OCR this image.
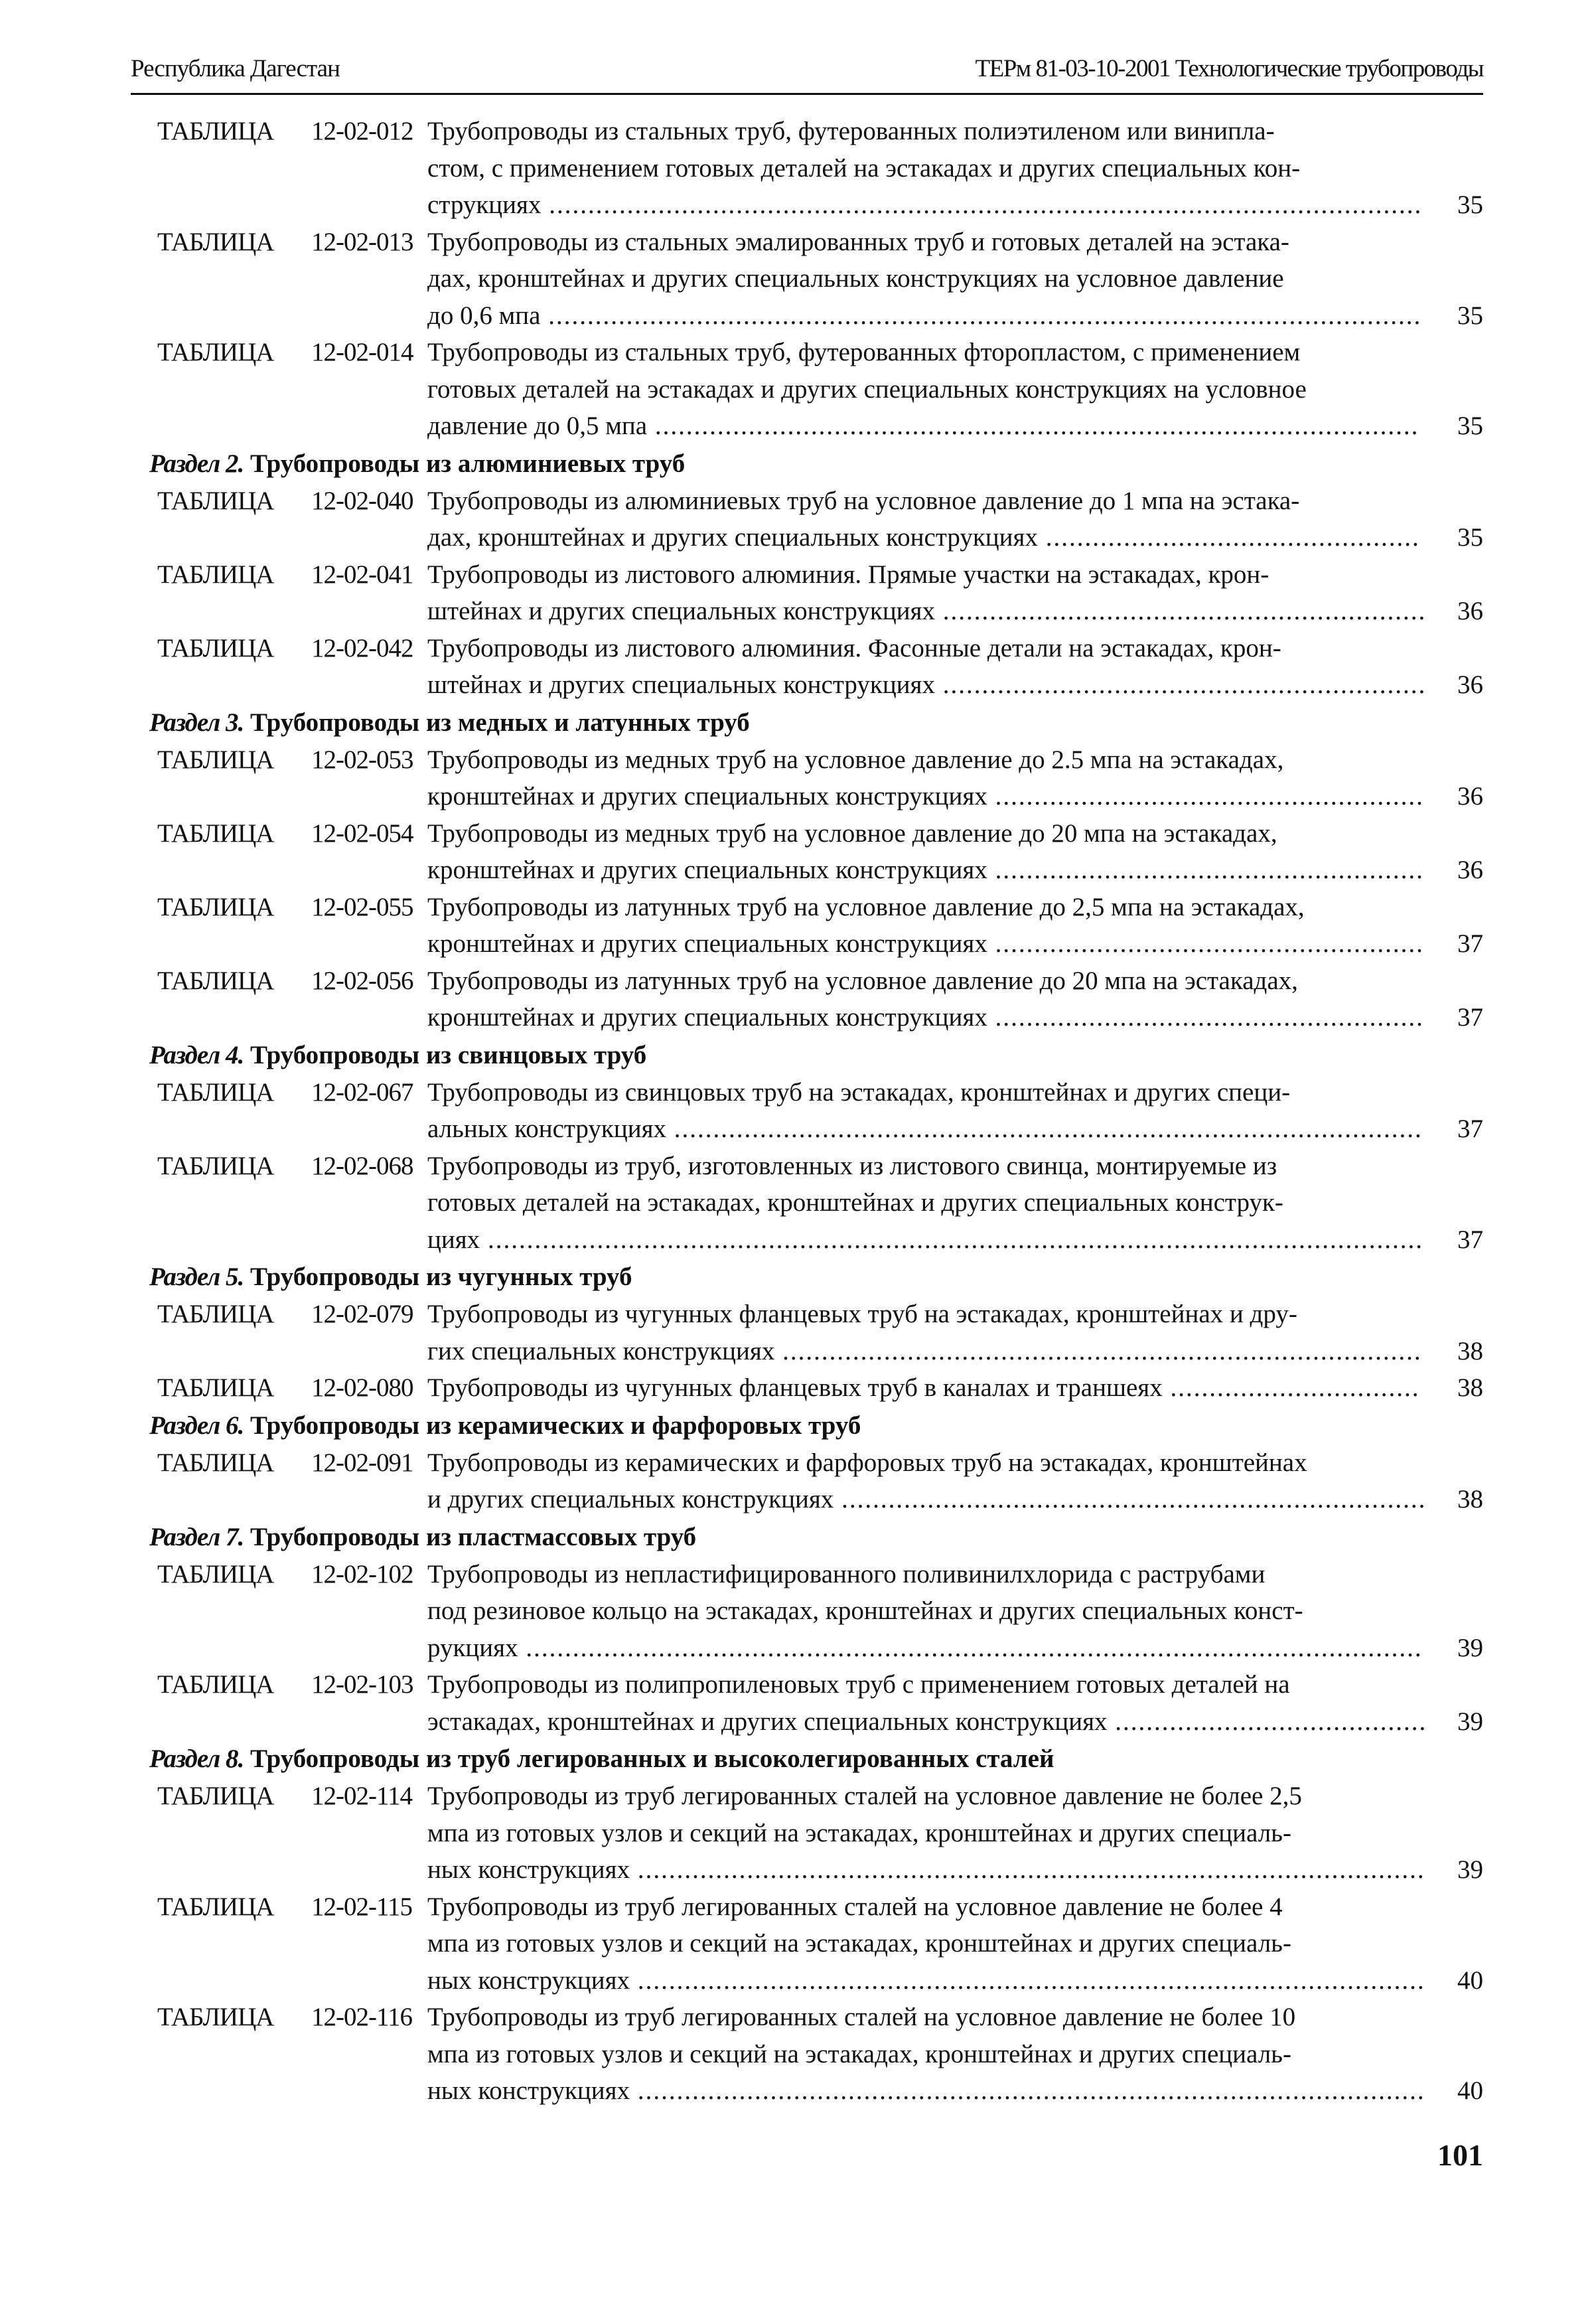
Республика Дагестан	ТЕРм 81-03-10-2001 Технологические трубопроводы
ТАБЛИЦА	12-02-012 Трубопроводы из стальных труб, футерованных полиэтиленом или винипла-
стом, с применением готовых деталей на эстакадах и других специальных кон-
струкциях ................................................................................................................	35
ТАБЛИЦА	12-02-013 Трубопроводы из стальных эмалированных труб и готовых деталей на эстака-
дах, кронштейнах и других специальных конструкциях на условное давление
до 0,6 мпа ................................................................................................................	35
ТАБЛИЦА	12-02-014 Трубопроводы из стальных труб, футерованных фторопластом, с применением
готовых деталей на эстакадах и других специальных конструкциях на условное
давление до 0,5 мпа ..................................................................................................	35
Раздел 2. Трубопроводы из алюминиевых труб
ТАБЛИЦА	12-02-040 Трубопроводы из алюминиевых труб на условное давление до 1 мпа на эстака-
дах, кронштейнах и других специальных конструкциях ................................................	35
ТАБЛИЦА	12-02-041 Трубопроводы из листового алюминия. Прямые участки на эстакадах, крон-
штейнах и других специальных конструкциях ..............................................................	36
ТАБЛИЦА	12-02-042 Трубопроводы из листового алюминия. Фасонные детали на эстакадах, крон-
штейнах и других специальных конструкциях ..............................................................	36
Раздел 3. Трубопроводы из медных и латунных труб
ТАБЛИЦА	12-02-053 Трубопроводы из медных труб на условное давление до 2.5 мпа на эстакадах,
кронштейнах и других специальных конструкциях .......................................................	36
ТАБЛИЦА	12-02-054 Трубопроводы из медных труб на условное давление до 20 мпа на эстакадах,
кронштейнах и других специальных конструкциях .......................................................	36
ТАБЛИЦА	12-02-055 Трубопроводы из латунных труб на условное давление до 2,5 мпа на эстакадах,
кронштейнах и других специальных конструкциях .......................................................	37
ТАБЛИЦА	12-02-056 Трубопроводы из латунных труб на условное давление до 20 мпа на эстакадах,
кронштейнах и других специальных конструкциях .......................................................	37
Раздел 4. Трубопроводы из свинцовых труб
ТАБЛИЦА	12-02-067 Трубопроводы из свинцовых труб на эстакадах, кронштейнах и других специ-
альных конструкциях ................................................................................................	37
ТАБЛИЦА	12-02-068 Трубопроводы из труб, изготовленных из листового свинца, монтируемые из
готовых деталей на эстакадах, кронштейнах и других специальных конструк-
циях ........................................................................................................................	37
Раздел 5. Трубопроводы из чугунных труб
ТАБЛИЦА	12-02-079 Трубопроводы из чугунных фланцевых труб на эстакадах, кронштейнах и дру-
гих специальных конструкциях ..................................................................................	38
ТАБЛИЦА	12-02-080 Трубопроводы из чугунных фланцевых труб в каналах и траншеях ................................	38
Раздел 6. Трубопроводы из керамических и фарфоровых труб
ТАБЛИЦА	12-02-091 Трубопроводы из керамических и фарфоровых труб на эстакадах, кронштейнах
и других специальных конструкциях ...........................................................................	38
Раздел 7. Трубопроводы из пластмассовых труб
ТАБЛИЦА	12-02-102 Трубопроводы из непластифицированного поливинилхлорида с раструбами
под резиновое кольцо на эстакадах, кронштейнах и других специальных конст-
рукциях ...................................................................................................................	39
ТАБЛИЦА	12-02-103 Трубопроводы из полипропиленовых труб с применением готовых деталей на
эстакадах, кронштейнах и других специальных конструкциях ........................................	39
Раздел 8. Трубопроводы из труб легированных и высоколегированных сталей
ТАБЛИЦА	12-02-114 Трубопроводы из труб легированных сталей на условное давление не более 2,5
мпа из готовых узлов и секций на эстакадах, кронштейнах и других специаль-
ных конструкциях .....................................................................................................	39
ТАБЛИЦА	12-02-115 Трубопроводы из труб легированных сталей на условное давление не более 4
мпа из готовых узлов и секций на эстакадах, кронштейнах и других специаль-
ных конструкциях .....................................................................................................	40
ТАБЛИЦА	12-02-116 Трубопроводы из труб легированных сталей на условное давление не более 10
мпа из готовых узлов и секций на эстакадах, кронштейнах и других специаль-
ных конструкциях .....................................................................................................	40
101
